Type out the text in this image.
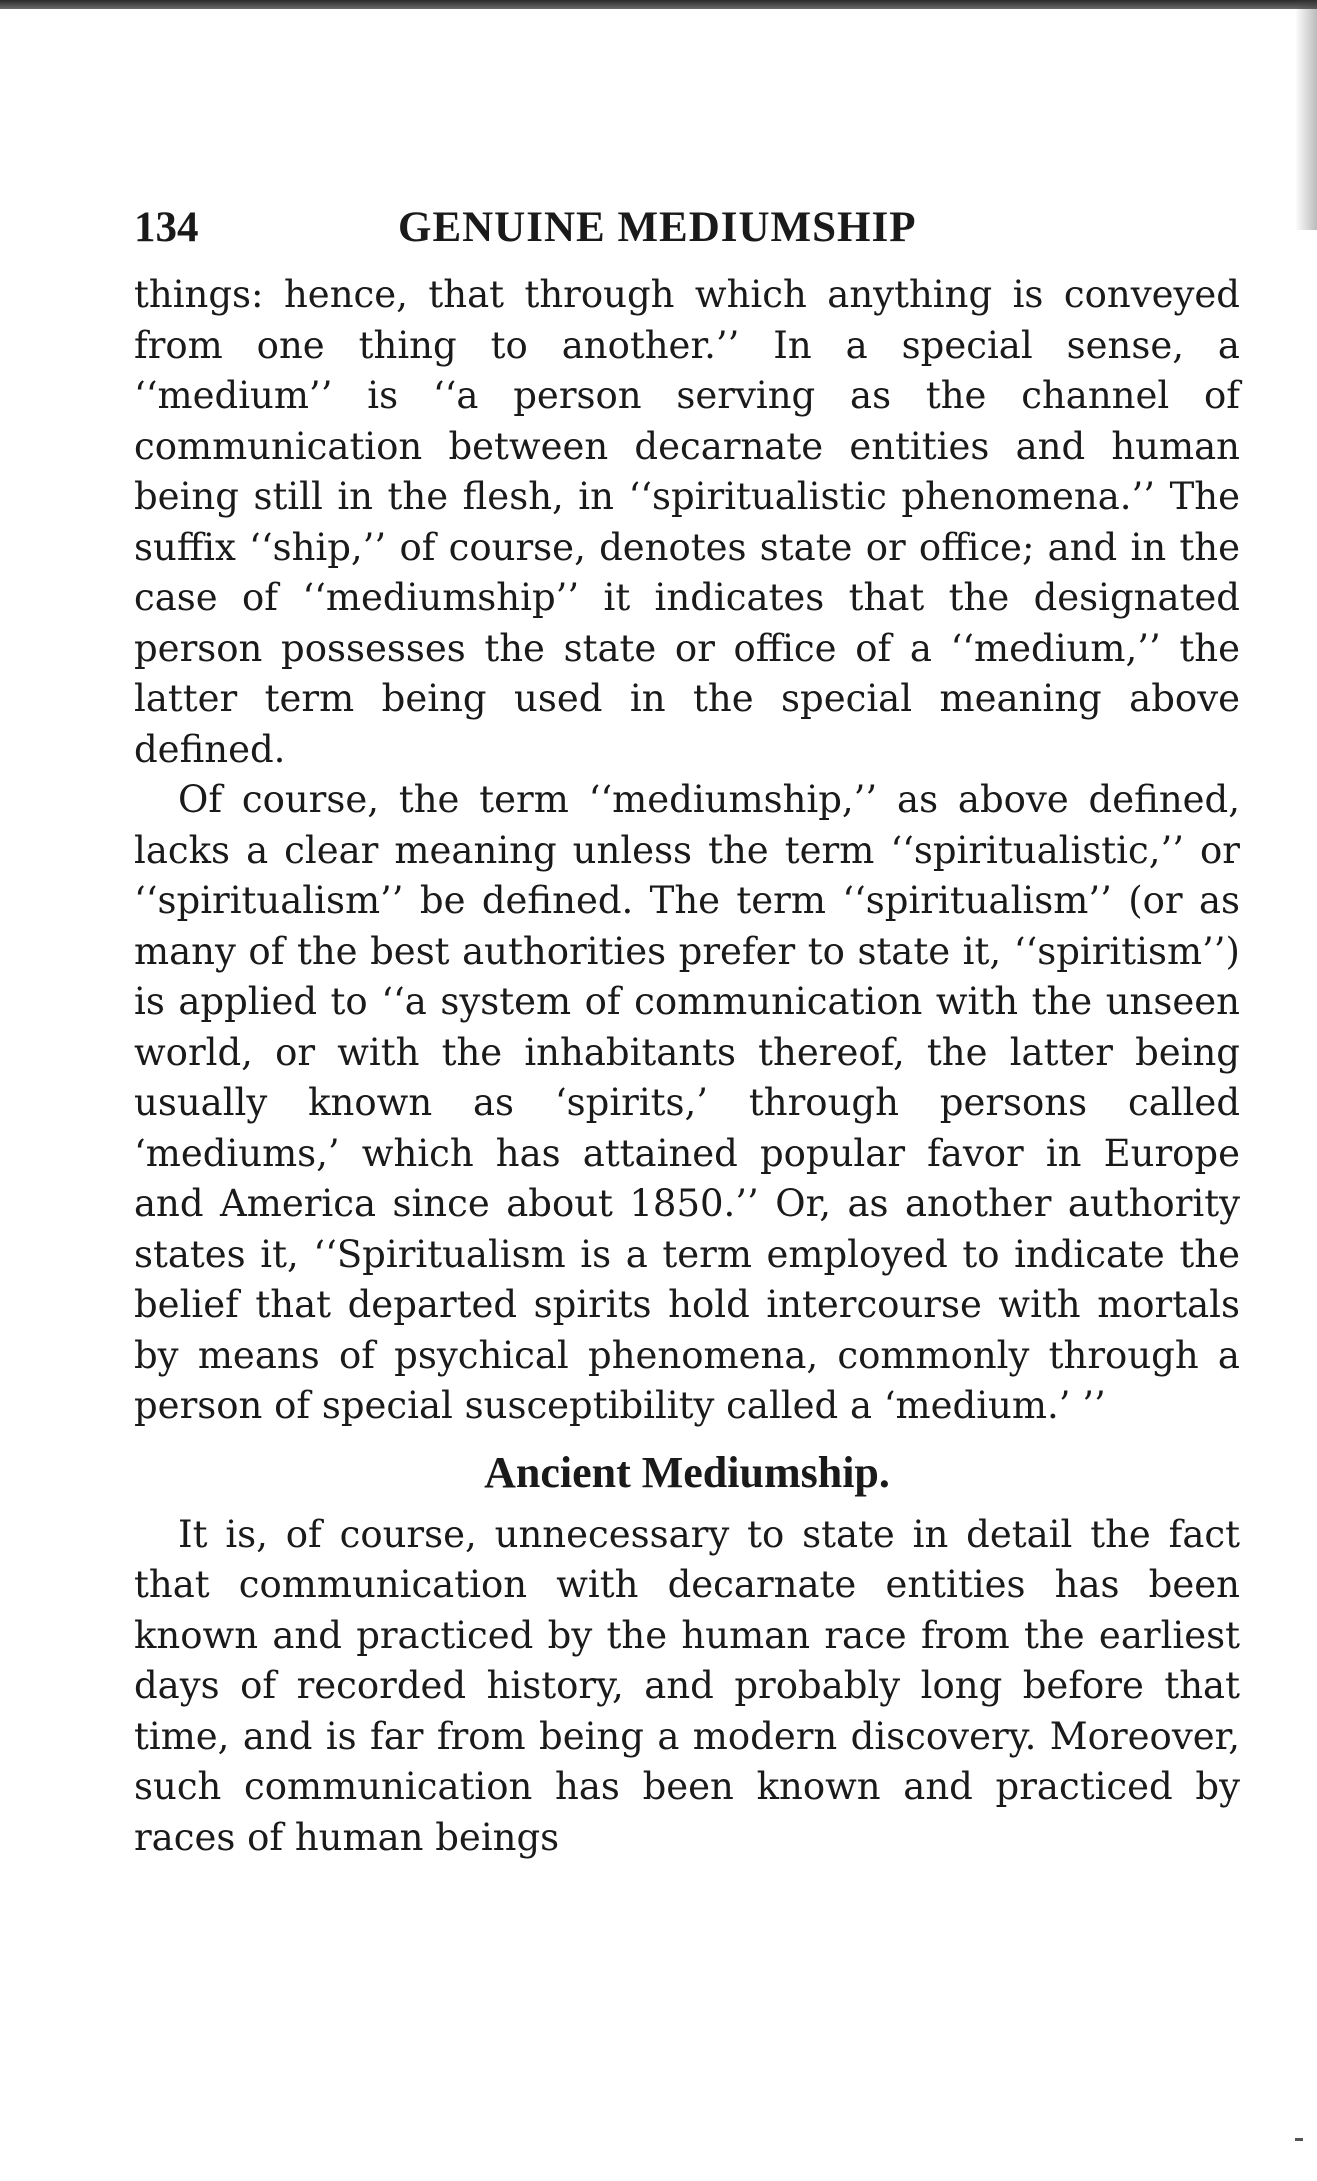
134	GENUINE MEDIUMSHIP

things: hence, that through which anything is conveyed from one thing to another.’’ In a special sense, a ‘‘medium’’ is ‘‘a person serving as the channel of communication between decarnate entities and human being still in the flesh, in ‘‘spiritualistic phenomena.’’ The suffix ‘‘ship,’’ of course, denotes state or office; and in the case of ‘‘mediumship’’ it indicates that the designated person possesses the state or office of a ‘‘medium,’’ the latter term being used in the special meaning above defined.

Of course, the term ‘‘mediumship,’’ as above defined, lacks a clear meaning unless the term ‘‘spiritualistic,’’ or ‘‘spiritualism’’ be defined. The term ‘‘spiritualism’’ (or as many of the best authorities prefer to state it, ‘‘spiritism’’) is applied to ‘‘a system of communication with the unseen world, or with the inhabitants thereof, the latter being usually known as ‘spirits,’ through persons called ‘mediums,’ which has attained popular favor in Europe and America since about 1850.’’ Or, as another authority states it, ‘‘Spiritualism is a term employed to indicate the belief that departed spirits hold intercourse with mortals by means of psychical phenomena, commonly through a person of special susceptibility called a ‘medium.’ ’’

Ancient Mediumship.

It is, of course, unnecessary to state in detail the fact that communication with decarnate entities has been known and practiced by the human race from the earliest days of recorded history, and probably long before that time, and is far from being a modern discovery. Moreover, such communication has been known and practiced by races of human beings
